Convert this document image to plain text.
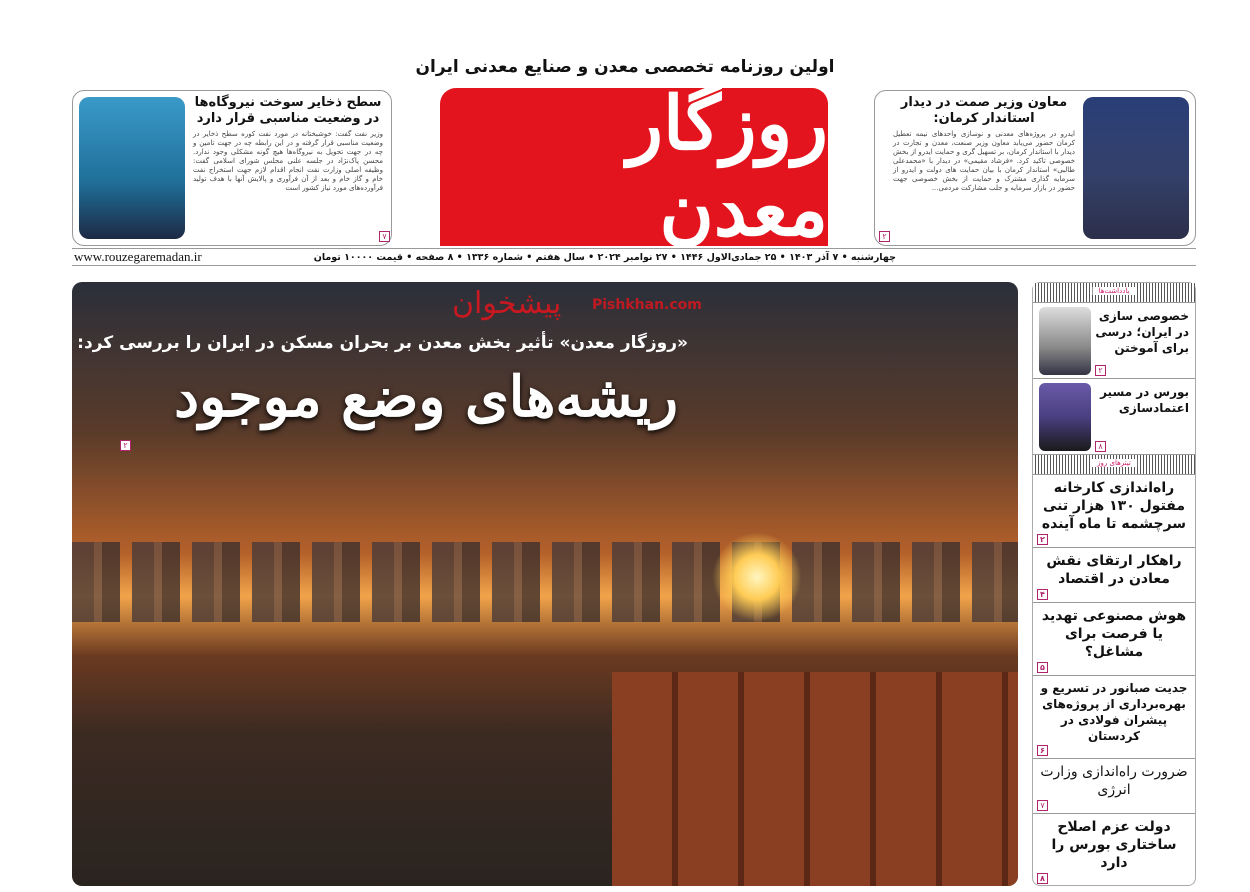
روزگار معدن
اولین روزنامه تخصصی معدن و صنایع معدنی ایران
سطح ذخایر سوخت نیروگاه‌ها در وضعیت مناسبی قرار دارد

وزیر نفت گفت: خوشبختانه در مورد نفت کوره سطح ذخایر در وضعیت مناسبی قرار گرفته و در این رابطه چه در جهت تامین و چه در جهت تحویل به نیروگاه‌ها هیچ گونه مشکلی وجود ندارد. محسن پاک‌نژاد در جلسه علنی مجلس شورای اسلامی گفت: وظیفه اصلی وزارت نفت انجام اقدام لازم جهت استخراج نفت خام و گاز خام و بعد از آن فرآوری و پالایش آنها با هدف تولید فرآورده‌های مورد نیاز کشور است

۷
معاون وزیر صمت در دیدار استاندار کرمان:

ایدرو در پروژه‌های معدنی و نوسازی واحدهای نیمه تعطیل کرمان حضور می‌یابد معاون وزیر صنعت، معدن و تجارت در دیدار با استاندار کرمان، بر تسهیل گری و حمایت ایدرو از بخش خصوصی تاکید کرد. «فرشاد مقیمی» در دیدار با «محمدعلی طالبی» استاندار کرمان با بیان حمایت های دولت و ایدرو از سرمایه گذاری مشترک و حمایت از بخش خصوصی جهت حضور در بازار سرمایه و جلب مشارکت مردمی...

۲
چهارشنبه • ۷ آذر ۱۴۰۳ • ۲۵ جمادی‌الاول ۱۴۴۶ • ۲۷ نوامبر ۲۰۲۴ • سال هفتم • شماره ۱۳۳۶ • ۸ صفحه • قیمت ۱۰۰۰۰ تومان
www.rouzegaremadan.ir
پیشخوان Pishkhan.com
«روزگار معدن» تأثیر بخش معدن بر بحران مسکن در ایران را بررسی کرد:
ریشه‌های وضع موجود
۲
یادداشت‌ها
خصوصی سازی در ایران؛ درسی برای آموختن
۲
بورس در مسیر اعتمادسازی
۸
تیترهای روز
راه‌اندازی کارخانه مفتول ۱۳۰ هزار تنی سرچشمه تا ماه آینده
۲
راهکار ارتقای نقش معادن در اقتصاد
۴
هوش مصنوعی تهدید یا فرصت برای مشاغل؟
۵
جدیت صبانور در تسریع و بهره‌برداری از پروژه‌های پیشران فولادی در کردستان
۶
ضرورت راه‌اندازی وزارت انرژی
۷
دولت عزم اصلاح ساختاری بورس را دارد
۸
